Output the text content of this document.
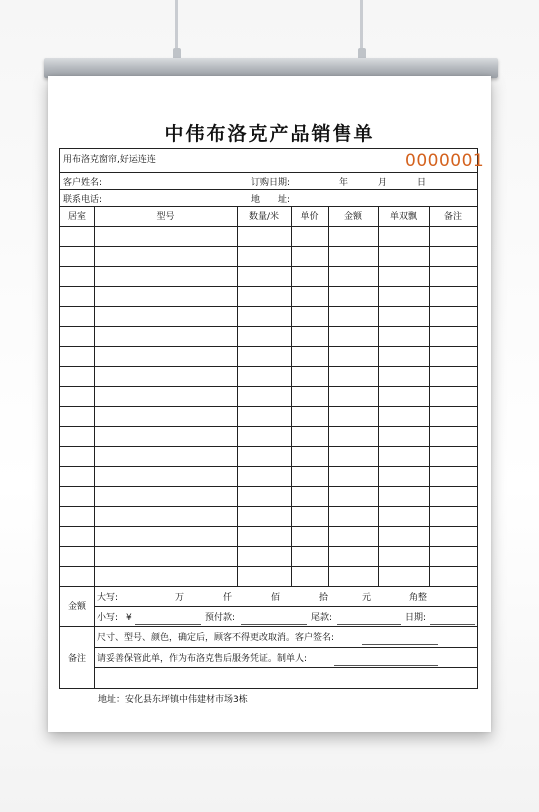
中伟布洛克产品销售单
用布洛克窗帘,好运连连	0000001
客户姓名:	订购日期:	年	月	日
联系电话:	地　　址:
居室	型号	数量/米	单价	金额	单双飘	备注
金额
大写:	万	仟	佰	拾	元	角整
小写: ¥	预付款:	尾款:	日期:
备注
尺寸、型号、颜色，确定后，顾客不得更改取消。客户签名:
请妥善保管此单，作为布洛克售后服务凭证。制单人:
地址：安化县东坪镇中伟建材市场3栋
